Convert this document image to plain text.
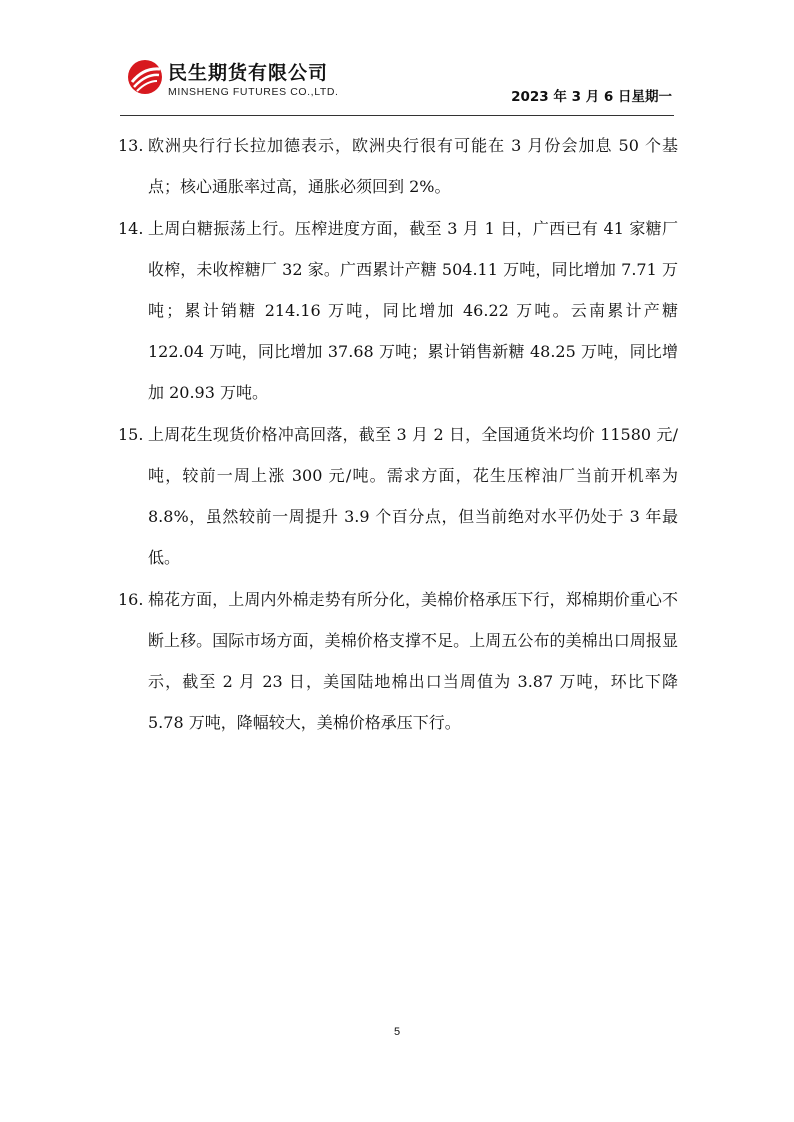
民生期货有限公司
MINSHENG FUTURES CO.,LTD.	2023 年 3 月 6 日星期一

13. 欧洲央行行长拉加德表示，欧洲央行很有可能在 3 月份会加息 50 个基点；核心通胀率过高，通胀必须回到 2%。

14. 上周白糖振荡上行。压榨进度方面，截至 3 月 1 日，广西已有 41 家糖厂收榨，未收榨糖厂 32 家。广西累计产糖 504.11 万吨，同比增加 7.71 万吨；累计销糖 214.16 万吨，同比增加 46.22 万吨。云南累计产糖 122.04 万吨，同比增加 37.68 万吨；累计销售新糖 48.25 万吨，同比增加 20.93 万吨。

15. 上周花生现货价格冲高回落，截至 3 月 2 日，全国通货米均价 11580 元/吨，较前一周上涨 300 元/吨。需求方面，花生压榨油厂当前开机率为 8.8%，虽然较前一周提升 3.9 个百分点，但当前绝对水平仍处于 3 年最低。

16. 棉花方面，上周内外棉走势有所分化，美棉价格承压下行，郑棉期价重心不断上移。国际市场方面，美棉价格支撑不足。上周五公布的美棉出口周报显示，截至 2 月 23 日，美国陆地棉出口当周值为 3.87 万吨，环比下降 5.78 万吨，降幅较大，美棉价格承压下行。

5
